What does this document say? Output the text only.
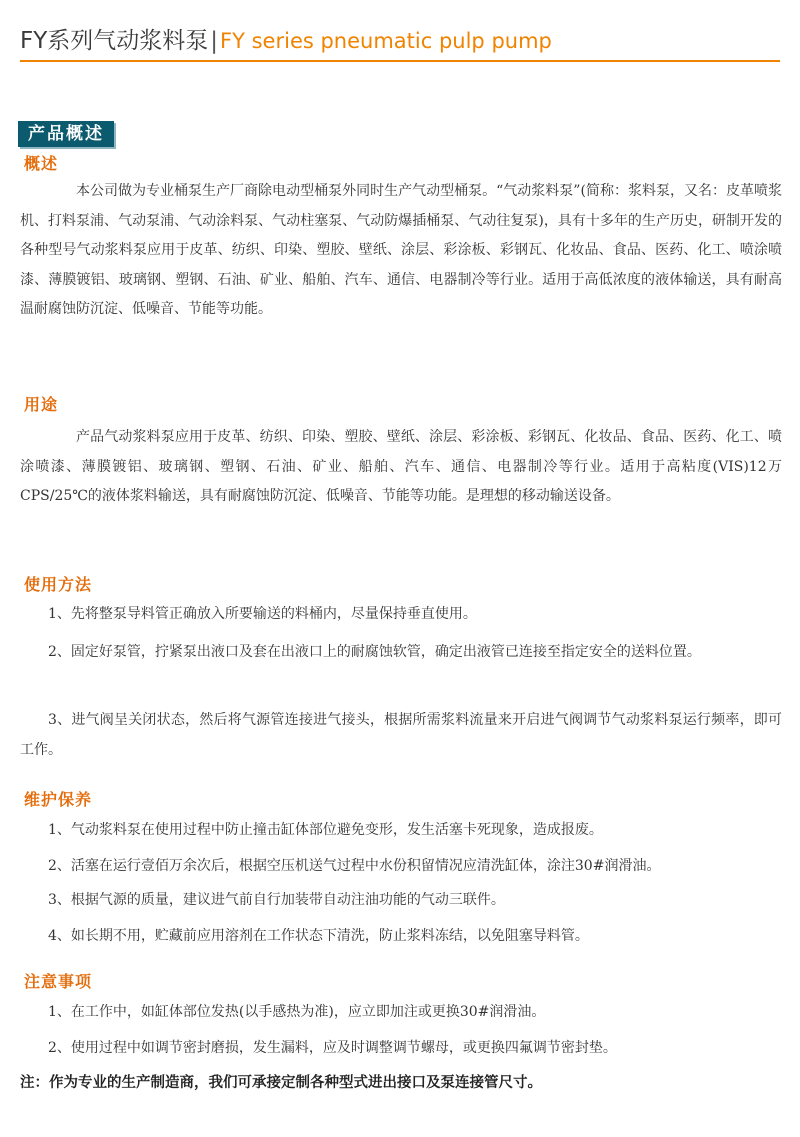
FY系列气动浆料泵|FY series pneumatic pulp pump
产品概述
概述

本公司做为专业桶泵生产厂商除电动型桶泵外同时生产气动型桶泵。“气动浆料泵”(简称：浆料泵，又名：皮革喷浆机、打料泵浦、气动泵浦、气动涂料泵、气动柱塞泵、气动防爆插桶泵、气动往复泵)，具有十多年的生产历史，研制开发的各种型号气动浆料泵应用于皮革、纺织、印染、塑胶、壁纸、涂层、彩涂板、彩钢瓦、化妆品、食品、医药、化工、喷涂喷漆、薄膜镀铝、玻璃钢、塑钢、石油、矿业、船舶、汽车、通信、电器制冷等行业。适用于高低浓度的液体输送，具有耐高温耐腐蚀防沉淀、低噪音、节能等功能。

用途

产品气动浆料泵应用于皮革、纺织、印染、塑胶、壁纸、涂层、彩涂板、彩钢瓦、化妆品、食品、医药、化工、喷涂喷漆、薄膜镀铝、玻璃钢、塑钢、石油、矿业、船舶、汽车、通信、电器制冷等行业。适用于高粘度(VIS)12万CPS/25℃的液体浆料输送，具有耐腐蚀防沉淀、低噪音、节能等功能。是理想的移动输送设备。

使用方法

1、先将整泵导料管正确放入所要输送的料桶内，尽量保持垂直使用。

2、固定好泵管，拧紧泵出液口及套在出液口上的耐腐蚀软管，确定出液管已连接至指定安全的送料位置。

3、进气阀呈关闭状态，然后将气源管连接进气接头，根据所需浆料流量来开启进气阀调节气动浆料泵运行频率，即可工作。

维护保养

1、气动浆料泵在使用过程中防止撞击缸体部位避免变形，发生活塞卡死现象，造成报废。

2、活塞在运行壹佰万余次后，根据空压机送气过程中水份积留情况应清洗缸体，涂注30#润滑油。

3、根据气源的质量，建议进气前自行加装带自动注油功能的气动三联件。

4、如长期不用，贮藏前应用溶剂在工作状态下清洗，防止浆料冻结，以免阻塞导料管。

注意事项

1、在工作中，如缸体部位发热(以手感热为准)，应立即加注或更换30#润滑油。

2、使用过程中如调节密封磨损，发生漏料，应及时调整调节螺母，或更换四氟调节密封垫。

注：作为专业的生产制造商，我们可承接定制各种型式进出接口及泵连接管尺寸。
